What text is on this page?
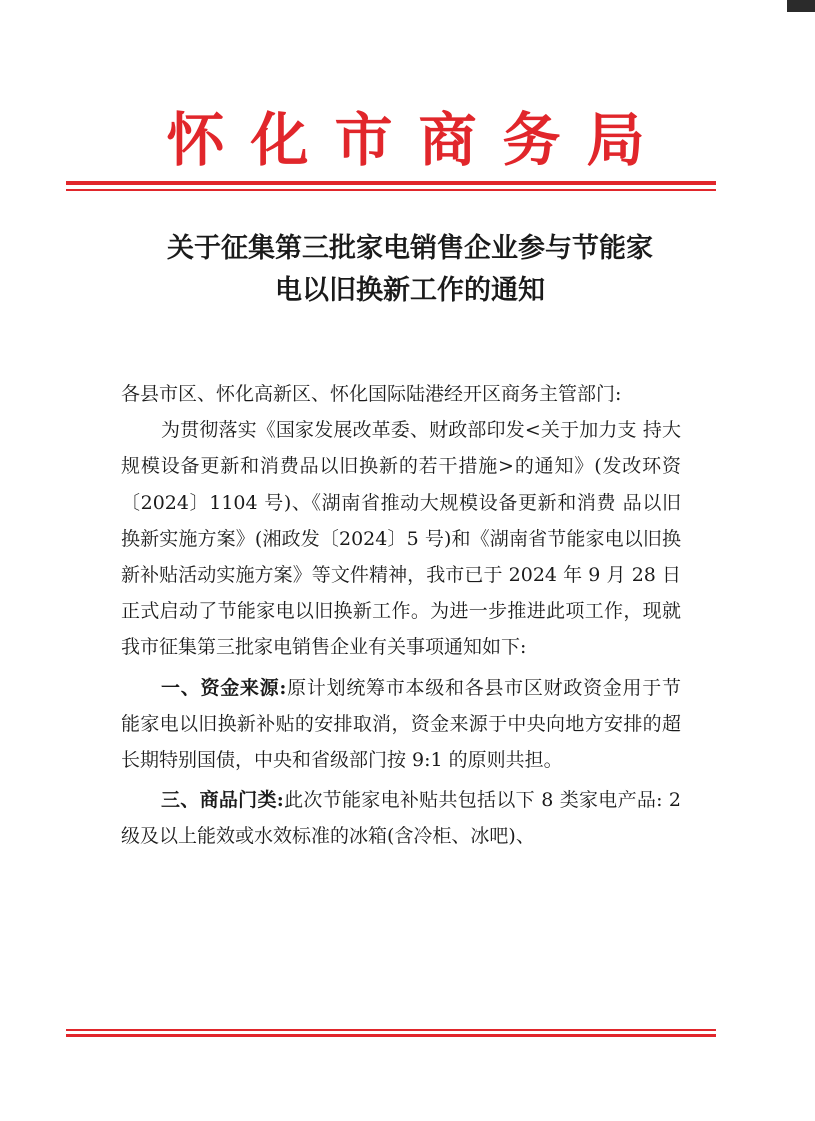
怀化市商务局
关于征集第三批家电销售企业参与节能家
电以旧换新工作的通知

各县市区、怀化高新区、怀化国际陆港经开区商务主管部门:

为贯彻落实《国家发展改革委、财政部印发<关于加力支 持大规模设备更新和消费品以旧换新的若干措施>的通知》(发改环资〔2024〕1104 号)、《湖南省推动大规模设备更新和消费 品以旧换新实施方案》(湘政发〔2024〕5 号)和《湖南省节能家电以旧换新补贴活动实施方案》等文件精神，我市已于 2024 年 9 月 28 日正式启动了节能家电以旧换新工作。为进一步推进此项工作，现就我市征集第三批家电销售企业有关事项通知如下:

一、资金来源:原计划统筹市本级和各县市区财政资金用于节能家电以旧换新补贴的安排取消，资金来源于中央向地方安排的超长期特别国债，中央和省级部门按 9:1 的原则共担。

三、商品门类:此次节能家电补贴共包括以下 8 类家电产品: 2 级及以上能效或水效标准的冰箱(含冷柜、冰吧)、
